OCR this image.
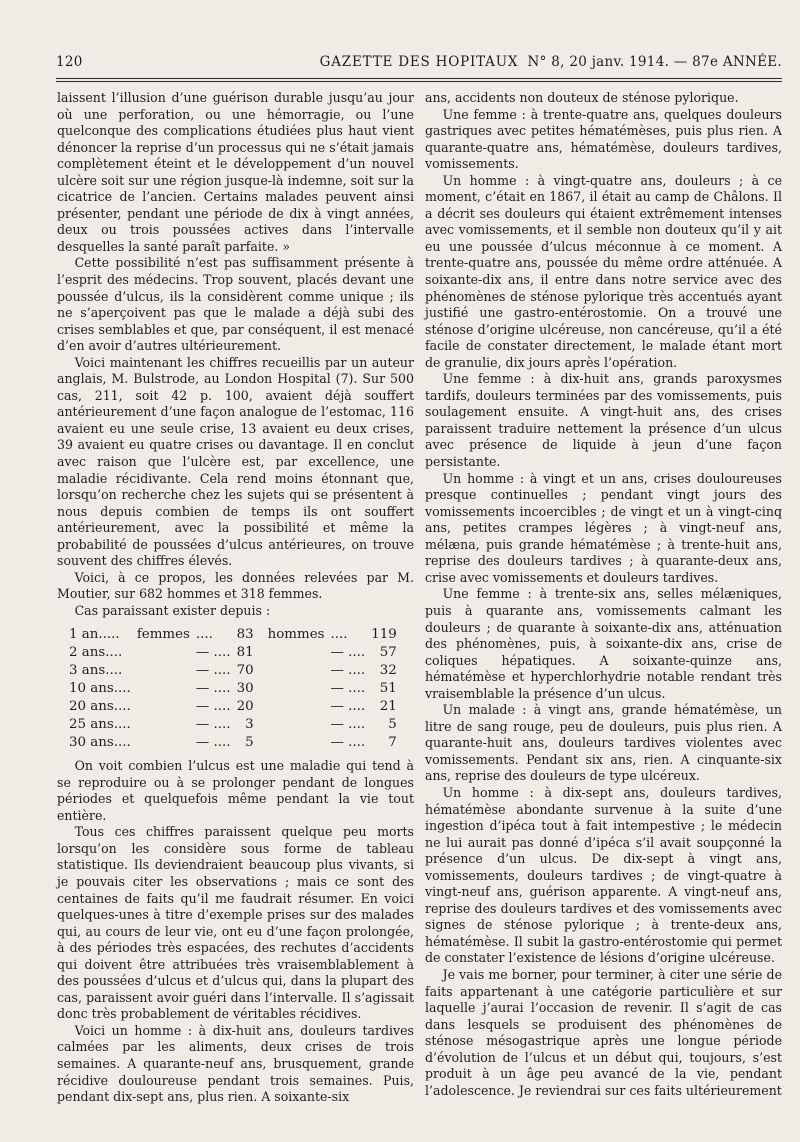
120	GAZETTE DES HOPITAUX N° 8, 20 janv. 1914. — 87e ANNÉE.

laissent l’illusion d’une guérison durable jusqu’au jour où une perforation, ou une hémorragie, ou l’une quelconque des complications étudiées plus haut vient dénoncer la reprise d’un processus qui ne s’était jamais complètement éteint et le développement d’un nouvel ulcère soit sur une région jusque-là indemne, soit sur la cicatrice de l’ancien. Certains malades peuvent ainsi présenter, pendant une période de dix à vingt années, deux ou trois poussées actives dans l’intervalle desquelles la santé paraît parfaite. »

Cette possibilité n’est pas suffisamment présente à l’esprit des médecins. Trop souvent, placés devant une poussée d’ulcus, ils la considèrent comme unique ; ils ne s’aperçoivent pas que le malade a déjà subi des crises semblables et que, par conséquent, il est menacé d’en avoir d’autres ultérieurement.

Voici maintenant les chiffres recueillis par un auteur anglais, M. Bulstrode, au London Hospital (7). Sur 500 cas, 211, soit 42 p. 100, avaient déjà souffert antérieurement d’une façon analogue de l’estomac, 116 avaient eu une seule crise, 13 avaient eu deux crises, 39 avaient eu quatre crises ou davantage. Il en conclut avec raison que l’ulcère est, par excellence, une maladie récidivante. Cela rend moins étonnant que, lorsqu’on recherche chez les sujets qui se présentent à nous depuis combien de temps ils ont souffert antérieurement, avec la possibilité et même la probabilité de poussées d’ulcus antérieures, on trouve souvent des chiffres élevés.

Voici, à ce propos, les données relevées par M. Moutier, sur 682 hommes et 318 femmes.

Cas paraissant exister depuis :

1 an.....	femmes	....	83	hommes	....	119
2 ans....		— ....	81		— ....	57
3 ans....		— ....	70		— ....	32
10 ans....		— ....	30		— ....	51
20 ans....		— ....	20		— ....	21
25 ans....		— ....	3		— ....	5
30 ans....		— ....	5		— ....	7

On voit combien l’ulcus est une maladie qui tend à se reproduire ou à se prolonger pendant de longues périodes et quelquefois même pendant la vie tout entière.

Tous ces chiffres paraissent quelque peu morts lorsqu’on les considère sous forme de tableau statistique. Ils deviendraient beaucoup plus vivants, si je pouvais citer les observations ; mais ce sont des centaines de faits qu’il me faudrait résumer. En voici quelques-unes à titre d’exemple prises sur des malades qui, au cours de leur vie, ont eu d’une façon prolongée, à des périodes très espacées, des rechutes d’accidents qui doivent être attribuées très vraisemblablement à des poussées d’ulcus et d’ulcus qui, dans la plupart des cas, paraissent avoir guéri dans l’intervalle. Il s’agissait donc très probablement de véritables récidives.

Voici un homme : à dix-huit ans, douleurs tardives calmées par les aliments, deux crises de trois semaines. A quarante-neuf ans, brusquement, grande récidive douloureuse pendant trois semaines. Puis, pendant dix-sept ans, plus rien. A soixante-six

ans, accidents non douteux de sténose pylorique.

Une femme : à trente-quatre ans, quelques douleurs gastriques avec petites hématémèses, puis plus rien. A quarante-quatre ans, hématémèse, douleurs tardives, vomissements.

Un homme : à vingt-quatre ans, douleurs ; à ce moment, c’était en 1867, il était au camp de Châlons. Il a décrit ses douleurs qui étaient extrêmement intenses avec vomissements, et il semble non douteux qu’il y ait eu une poussée d’ulcus méconnue à ce moment. A trente-quatre ans, poussée du même ordre atténuée. A soixante-dix ans, il entre dans notre service avec des phénomènes de sténose pylorique très accentués ayant justifié une gastro-entérostomie. On a trouvé une sténose d’origine ulcéreuse, non cancéreuse, qu’il a été facile de constater directement, le malade étant mort de granulie, dix jours après l’opération.

Une femme : à dix-huit ans, grands paroxysmes tardifs, douleurs terminées par des vomissements, puis soulagement ensuite. A vingt-huit ans, des crises paraissent traduire nettement la présence d’un ulcus avec présence de liquide à jeun d’une façon persistante.

Un homme : à vingt et un ans, crises douloureuses presque continuelles ; pendant vingt jours des vomissements incoercibles ; de vingt et un à vingt-cinq ans, petites crampes légères ; à vingt-neuf ans, mélæna, puis grande hématémèse ; à trente-huit ans, reprise des douleurs tardives ; à quarante-deux ans, crise avec vomissements et douleurs tardives.

Une femme : à trente-six ans, selles mélæniques, puis à quarante ans, vomissements calmant les douleurs ; de quarante à soixante-dix ans, atténuation des phénomènes, puis, à soixante-dix ans, crise de coliques hépatiques. A soixante-quinze ans, hématémèse et hyperchlorhydrie notable rendant très vraisemblable la présence d’un ulcus.

Un malade : à vingt ans, grande hématémèse, un litre de sang rouge, peu de douleurs, puis plus rien. A quarante-huit ans, douleurs tardives violentes avec vomissements. Pendant six ans, rien. A cinquante-six ans, reprise des douleurs de type ulcéreux.

Un homme : à dix-sept ans, douleurs tardives, hématémèse abondante survenue à la suite d’une ingestion d’ipéca tout à fait intempestive ; le médecin ne lui aurait pas donné d’ipéca s’il avait soupçonné la présence d’un ulcus. De dix-sept à vingt ans, vomissements, douleurs tardives ; de vingt-quatre à vingt-neuf ans, guérison apparente. A vingt-neuf ans, reprise des douleurs tardives et des vomissements avec signes de sténose pylorique ; à trente-deux ans, hématémèse. Il subit la gastro-entérostomie qui permet de constater l’existence de lésions d’origine ulcéreuse.

Je vais me borner, pour terminer, à citer une série de faits appartenant à une catégorie particulière et sur laquelle j’aurai l’occasion de revenir. Il s’agit de cas dans lesquels se produisent des phénomènes de sténose mésogastrique après une longue période d’évolution de l’ulcus et un début qui, toujours, s’est produit à un âge peu avancé de la vie, pendant l’adolescence. Je reviendrai sur ces faits ultérieurement
